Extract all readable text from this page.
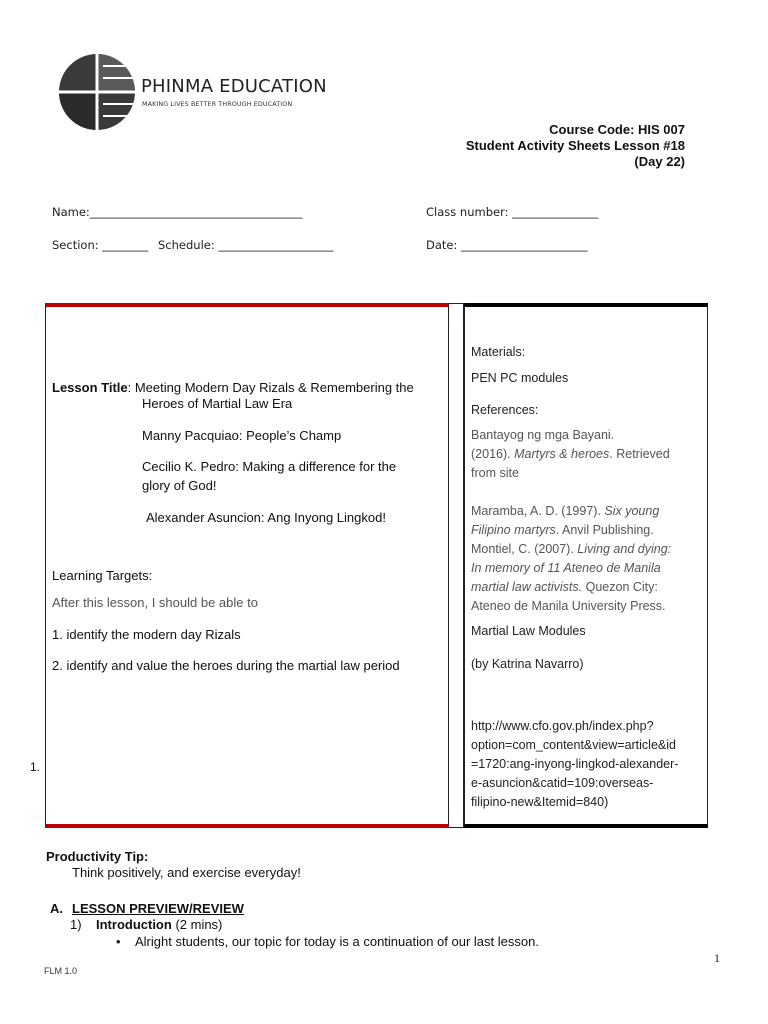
PHINMA EDUCATION
MAKING LIVES BETTER THROUGH EDUCATION
Course Code: HIS 007
Student Activity Sheets Lesson #18
(Day 22)
Name:_____________________________________	Class number: _______________
Section: ________ Schedule: ____________________	Date: ______________________
Lesson Title: Meeting Modern Day Rizals & Remembering the
Heroes of Martial Law Era
Manny Pacquiao: People’s Champ
Cecilio K. Pedro: Making a difference for the
glory of God!
Alexander Asuncion: Ang Inyong Lingkod!
Learning Targets:
After this lesson, I should be able to
1. identify the modern day Rizals
2. identify and value the heroes during the martial law period
1.
Materials:
PEN PC modules
References:
Bantayog ng mga Bayani.
(2016). Martyrs & heroes. Retrieved
from site
Maramba, A. D. (1997). Six young
Filipino martyrs. Anvil Publishing.
Montiel, C. (2007). Living and dying:
In memory of 11 Ateneo de Manila
martial law activists. Quezon City:
Ateneo de Manila University Press.
Martial Law Modules
(by Katrina Navarro)
http://www.cfo.gov.ph/index.php?
option=com_content&view=article&id
=1720:ang-inyong-lingkod-alexander-
e-asuncion&catid=109:overseas-
filipino-new&Itemid=840)
Productivity Tip:
Think positively, and exercise everyday!
A. LESSON PREVIEW/REVIEW
1) Introduction (2 mins)
• Alright students, our topic for today is a continuation of our last lesson.
FLM 1.0
1
